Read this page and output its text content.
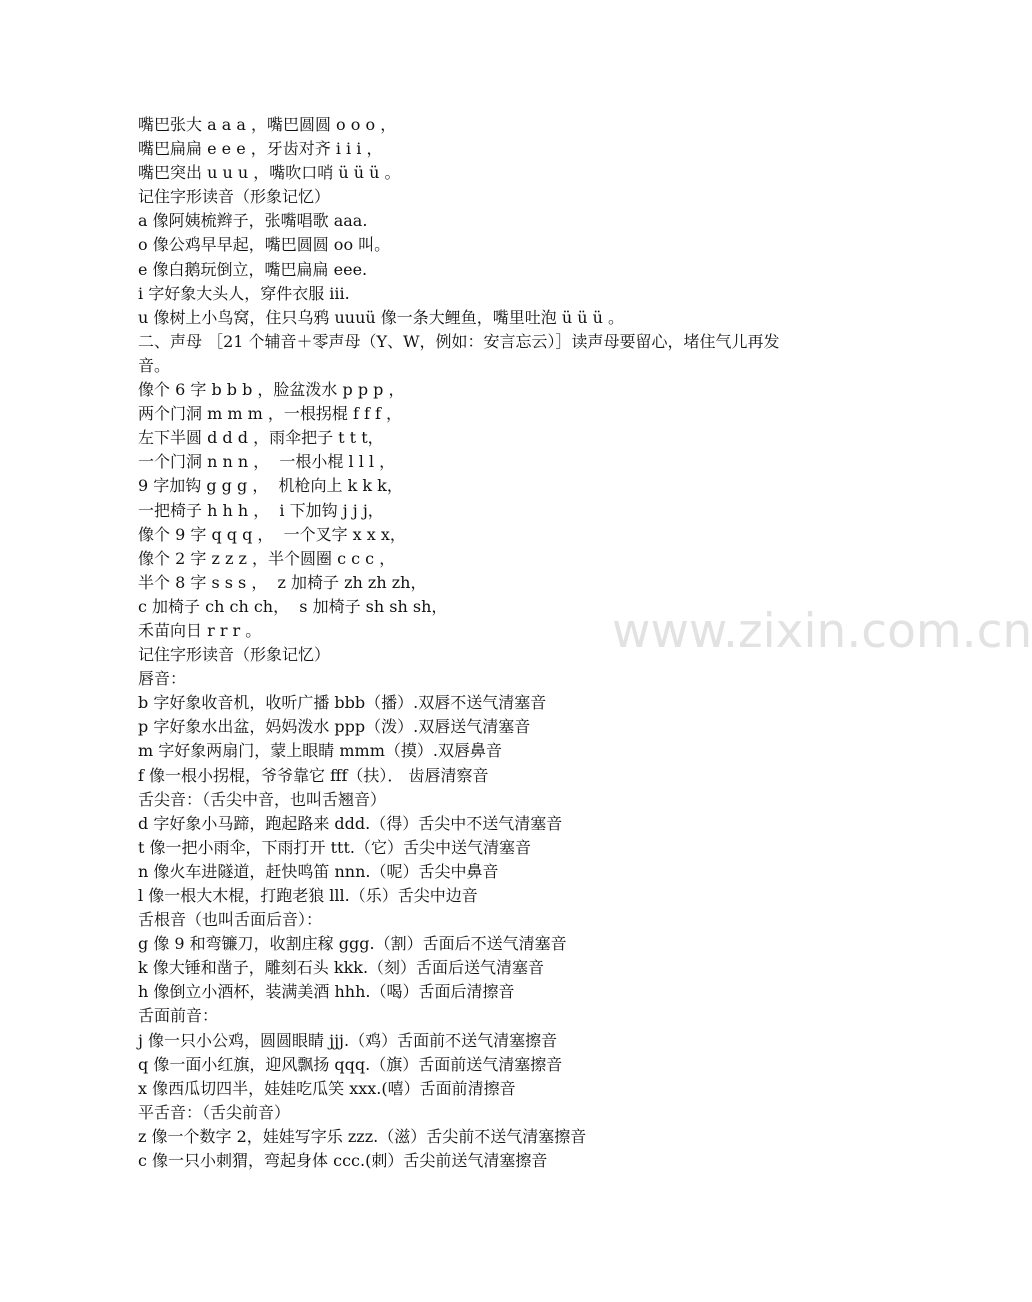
嘴巴张大 a a a ，嘴巴圆圆 o o o ，

嘴巴扁扁 e e e ，牙齿对齐 i i i ，

嘴巴突出 u u u ，嘴吹口哨 ü ü ü 。

记住字形读音（形象记忆）

a 像阿姨梳辫子，张嘴唱歌 aaa.

o 像公鸡早早起，嘴巴圆圆 oo 叫。

e 像白鹅玩倒立，嘴巴扁扁 eee.

i 字好象大头人，穿件衣服 iii.

u 像树上小鸟窝，住只乌鸦 uuuü 像一条大鲤鱼，嘴里吐泡 ü ü ü 。

二、声母 ［21 个辅音＋零声母（Y、W，例如：安言忘云）］读声母要留心，堵住气儿再发音。

像个 6 字 b b b ，脸盆泼水 p p p ，

两个门洞 m m m ，一根拐棍 f f f ，

左下半圆 d d d ，雨伞把子 t t t，

一个门洞 n n n ，  一根小棍 l l l ，

9 字加钩 g g g ，  机枪向上 k k k，

一把椅子 h h h ，  i 下加钩 j j j，

像个 9 字 q q q ，  一个叉字 x x x，

像个 2 字 z z z ，半个圆圈 c c c ，

半个 8 字 s s s ，  z 加椅子 zh zh zh，

c 加椅子 ch ch ch，  s 加椅子 sh sh sh，

禾苗向日 r r r 。

记住字形读音（形象记忆）

唇音：

b 字好象收音机，收听广播 bbb（播）.双唇不送气清塞音

p 字好象水出盆，妈妈泼水 ppp（泼）.双唇送气清塞音

m 字好象两扇门，蒙上眼睛 mmm（摸）.双唇鼻音

f 像一根小拐棍，爷爷靠它 fff（扶）． 齿唇清察音

舌尖音：（舌尖中音，也叫舌翘音）

d 字好象小马蹄，跑起路来 ddd.（得）舌尖中不送气清塞音

t 像一把小雨伞，下雨打开 ttt.（它）舌尖中送气清塞音

n 像火车进隧道，赶快鸣笛 nnn.（呢）舌尖中鼻音

l 像一根大木棍，打跑老狼 lll.（乐）舌尖中边音

舌根音（也叫舌面后音）：

g 像 9 和弯镰刀，收割庄稼 ggg.（割）舌面后不送气清塞音

k 像大锤和凿子，雕刻石头 kkk.（刻）舌面后送气清塞音

h 像倒立小酒杯，装满美酒 hhh.（喝）舌面后清擦音

舌面前音：

j 像一只小公鸡，圆圆眼睛 jjj.（鸡）舌面前不送气清塞擦音

q 像一面小红旗，迎风飘扬 qqq.（旗）舌面前送气清塞擦音

x 像西瓜切四半，娃娃吃瓜笑 xxx.(嘻）舌面前清擦音

平舌音：（舌尖前音）

z 像一个数字 2，娃娃写字乐 zzz.（滋）舌尖前不送气清塞擦音

c 像一只小刺猬，弯起身体 ccc.(刺）舌尖前送气清塞擦音

www.zixin.com.cn
